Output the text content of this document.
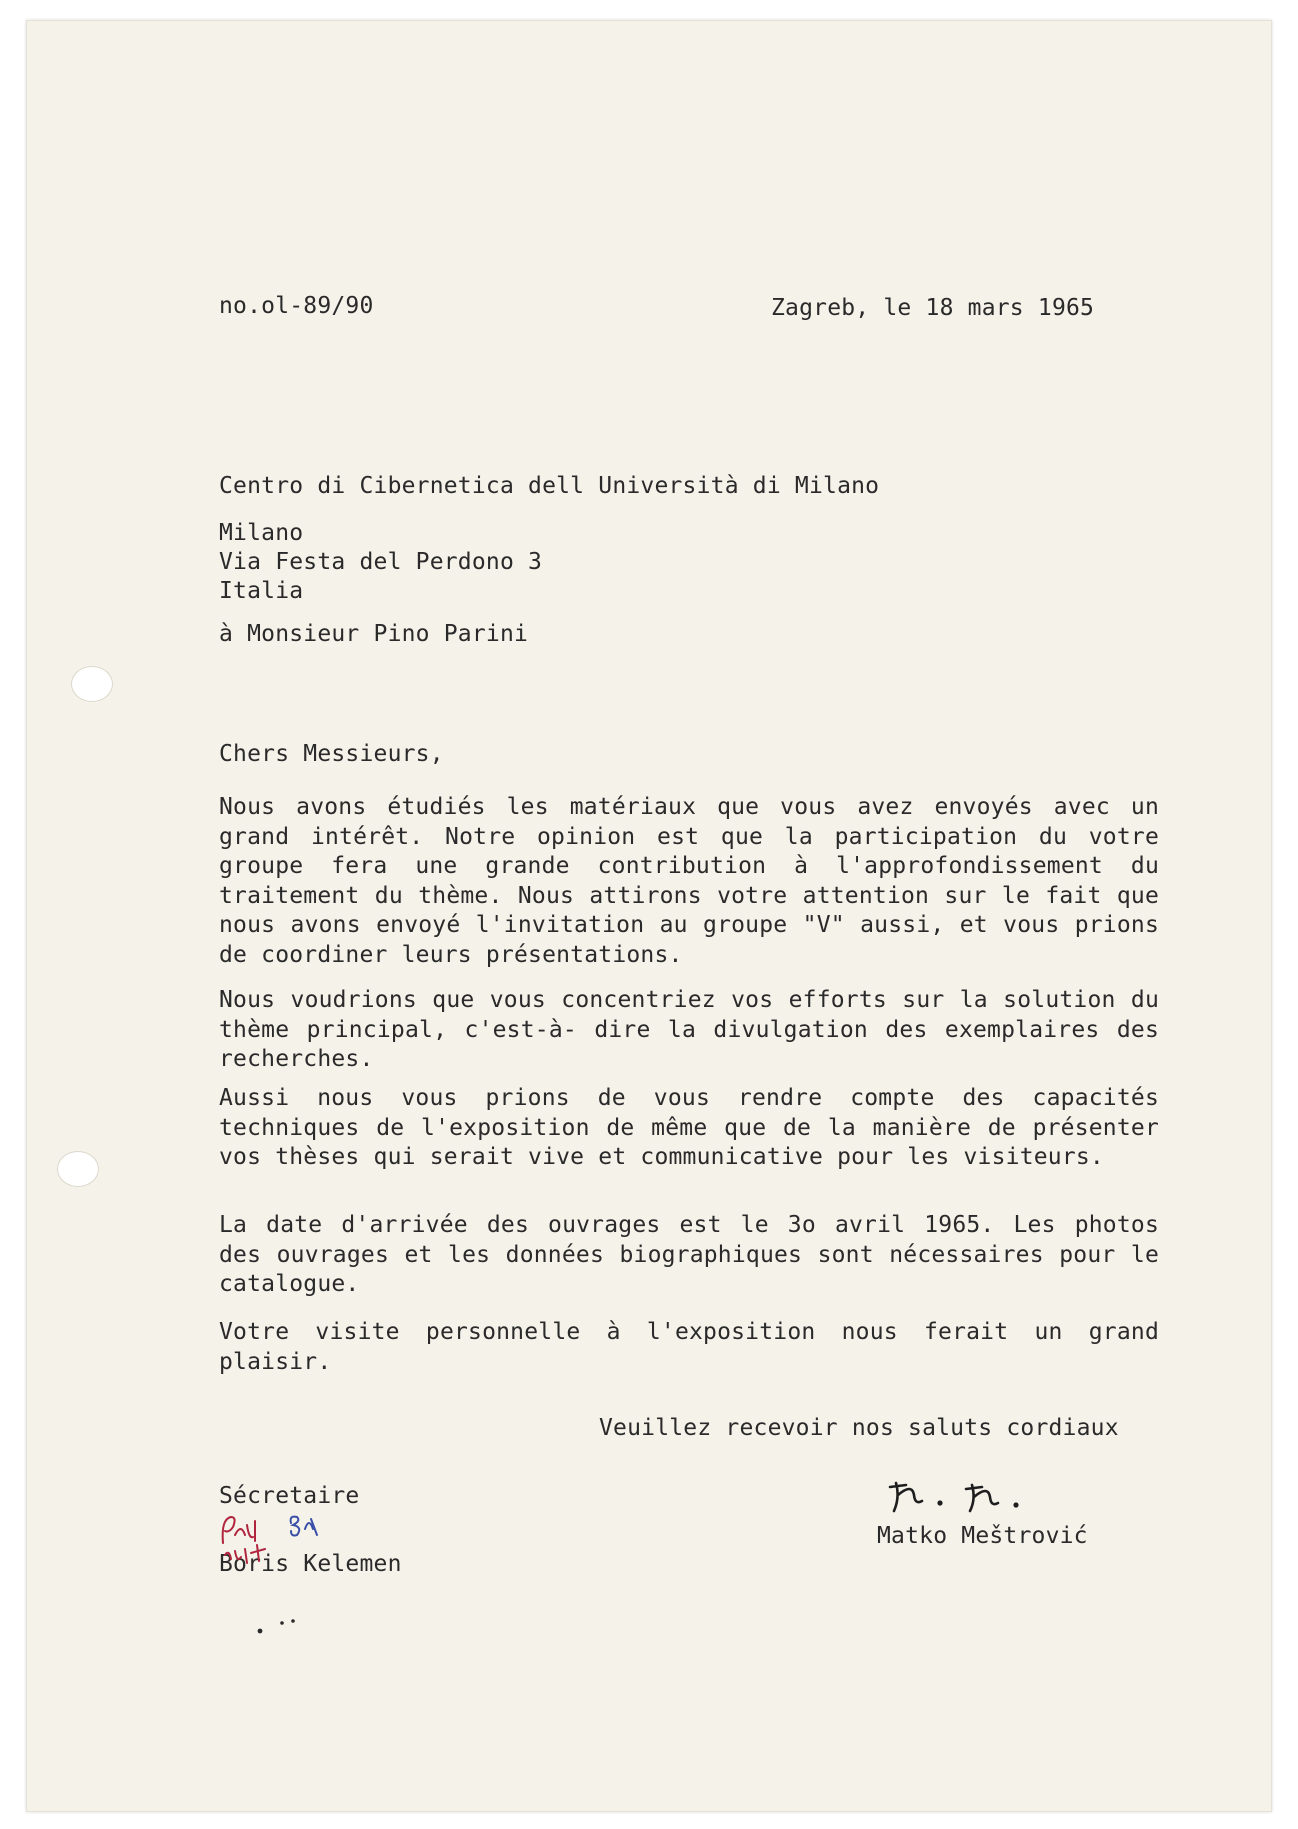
no.ol-89/90	Zagreb, le 18 mars 1965
Centro di Cibernetica dell Università di Milano
Milano
Via Festa del Perdono 3
Italia
à Monsieur Pino Parini
Chers Messieurs,
Nous avons étudiés les matériaux que vous avez envoyés avec un grand intérêt. Notre opinion est que la participation du votre groupe fera une grande contribution à l'approfondissement du traitement du thème. Nous attirons votre attention sur le fait que nous avons envoyé l'invitation au groupe "V" aussi, et vous prions de coordiner leurs présentations.
Nous voudrions que vous concentriez vos efforts sur la solution du thème principal, c'est-à- dire la divulgation des exemplaires des recherches.
Aussi nous vous prions de vous rendre compte des capacités techniques de l'exposition de même que de la manière de présenter vos thèses qui serait vive et communicative pour les visiteurs.
La date d'arrivée des ouvrages est le 3o avril 1965. Les photos des ouvrages et les données biographiques sont nécessaires pour le catalogue.
Votre visite personnelle à l'exposition nous ferait un grand plaisir.
Veuillez recevoir nos saluts cordiaux
Sécretaire
Boris Kelemen
Matko Meštrović
